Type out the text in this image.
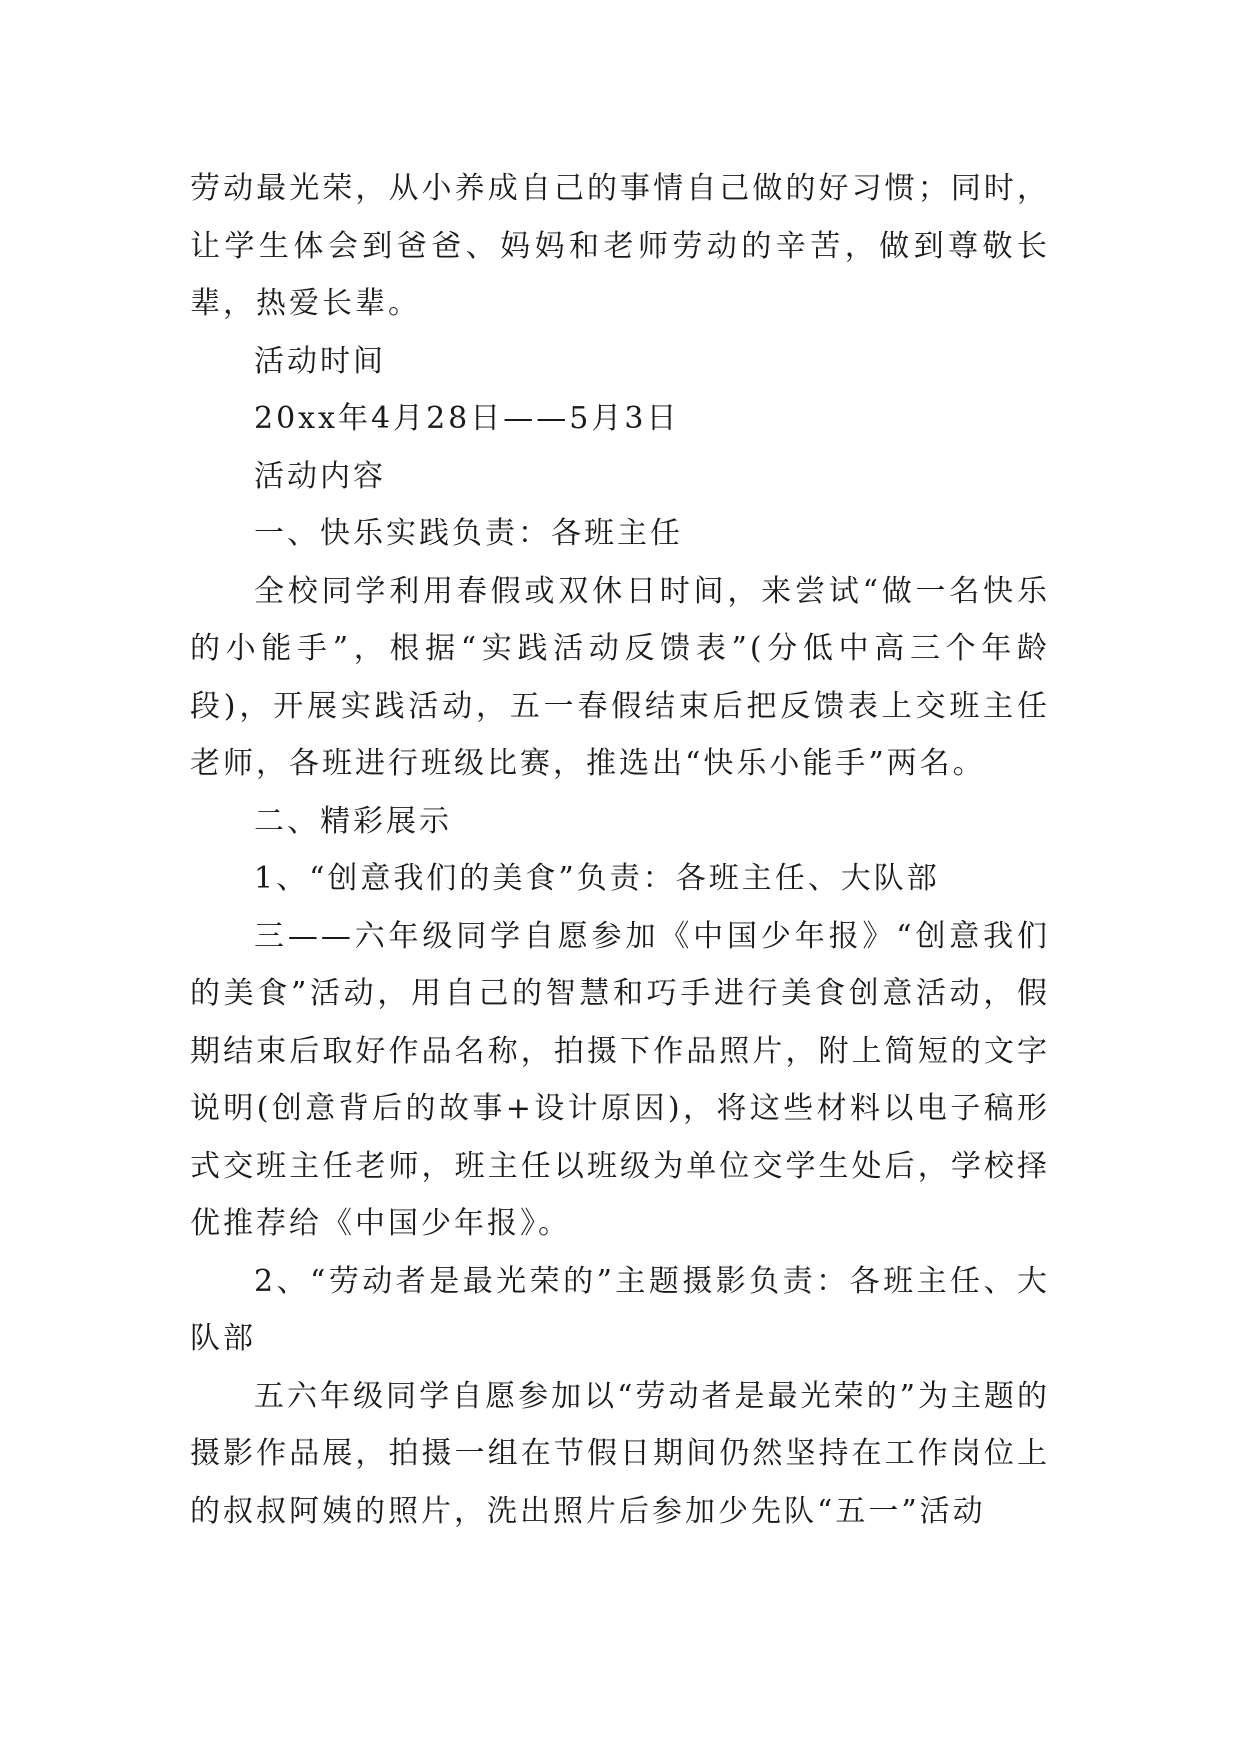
劳动最光荣，从小养成自己的事情自己做的好习惯；同时，让学生体会到爸爸、妈妈和老师劳动的辛苦，做到尊敬长辈，热爱长辈。

活动时间

20xx年4月28日——5月3日

活动内容

一、快乐实践负责：各班主任

全校同学利用春假或双休日时间，来尝试“做一名快乐的小能手”，根据“实践活动反馈表”(分低中高三个年龄段)，开展实践活动，五一春假结束后把反馈表上交班主任老师，各班进行班级比赛，推选出“快乐小能手”两名。

二、精彩展示

1、“创意我们的美食”负责：各班主任、大队部

三——六年级同学自愿参加《中国少年报》“创意我们的美食”活动，用自己的智慧和巧手进行美食创意活动，假期结束后取好作品名称，拍摄下作品照片，附上简短的文字说明(创意背后的故事+设计原因)，将这些材料以电子稿形式交班主任老师，班主任以班级为单位交学生处后，学校择优推荐给《中国少年报》。

2、“劳动者是最光荣的”主题摄影负责：各班主任、大队部

五六年级同学自愿参加以“劳动者是最光荣的”为主题的摄影作品展，拍摄一组在节假日期间仍然坚持在工作岗位上的叔叔阿姨的照片，洗出照片后参加少先队“五一”活动
